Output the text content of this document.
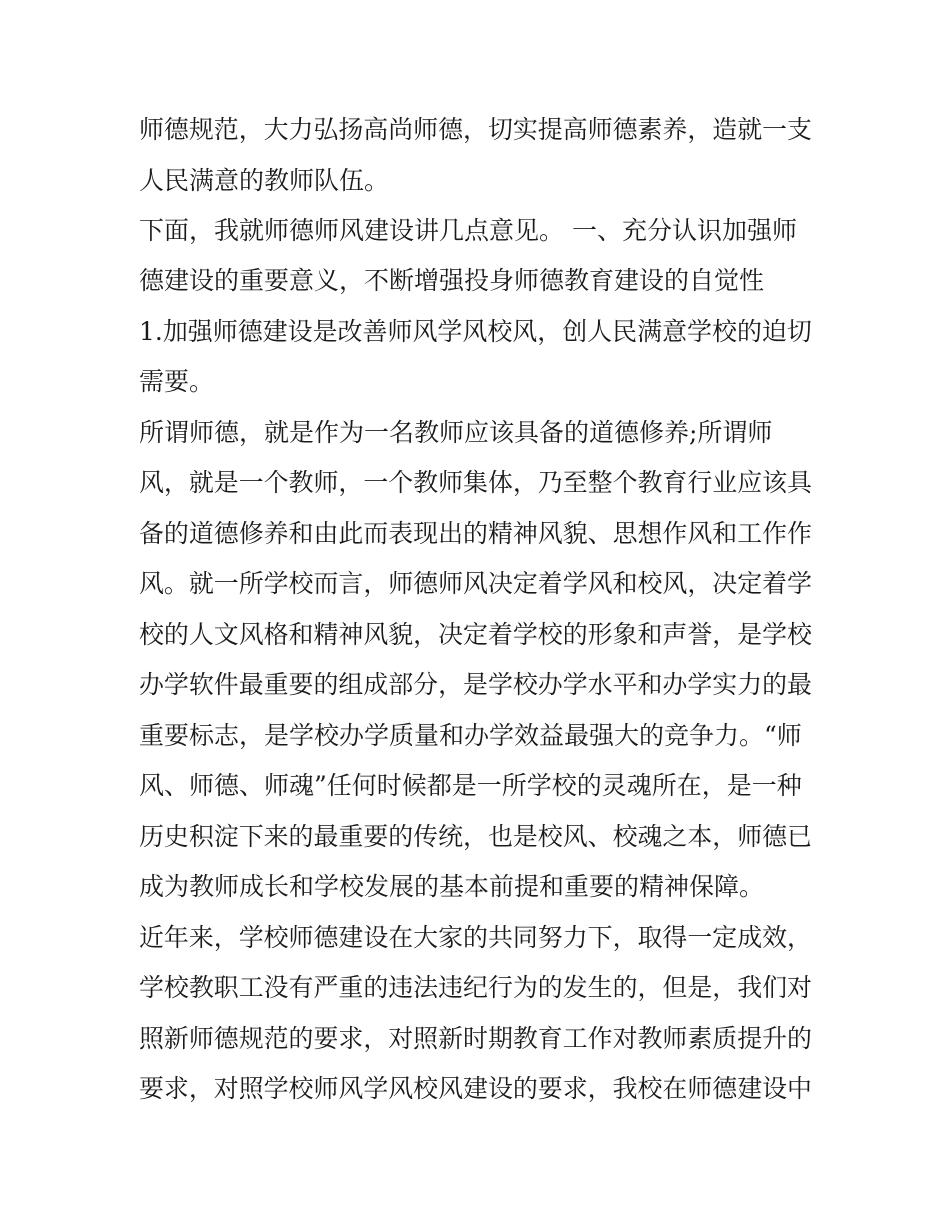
师德规范，大力弘扬高尚师德，切实提高师德素养，造就一支

人民满意的教师队伍。

下面，我就师德师风建设讲几点意见。 一、充分认识加强师

德建设的重要意义，不断增强投身师德教育建设的自觉性

1.加强师德建设是改善师风学风校风，创人民满意学校的迫切

需要。

所谓师德，就是作为一名教师应该具备的道德修养;所谓师

风，就是一个教师，一个教师集体，乃至整个教育行业应该具

备的道德修养和由此而表现出的精神风貌、思想作风和工作作

风。就一所学校而言，师德师风决定着学风和校风，决定着学

校的人文风格和精神风貌，决定着学校的形象和声誉，是学校

办学软件最重要的组成部分，是学校办学水平和办学实力的最

重要标志，是学校办学质量和办学效益最强大的竞争力。“师

风、师德、师魂”任何时候都是一所学校的灵魂所在，是一种

历史积淀下来的最重要的传统，也是校风、校魂之本，师德已

成为教师成长和学校发展的基本前提和重要的精神保障。

近年来，学校师德建设在大家的共同努力下，取得一定成效，

学校教职工没有严重的违法违纪行为的发生的，但是，我们对

照新师德规范的要求，对照新时期教育工作对教师素质提升的

要求，对照学校师风学风校风建设的要求，我校在师德建设中
